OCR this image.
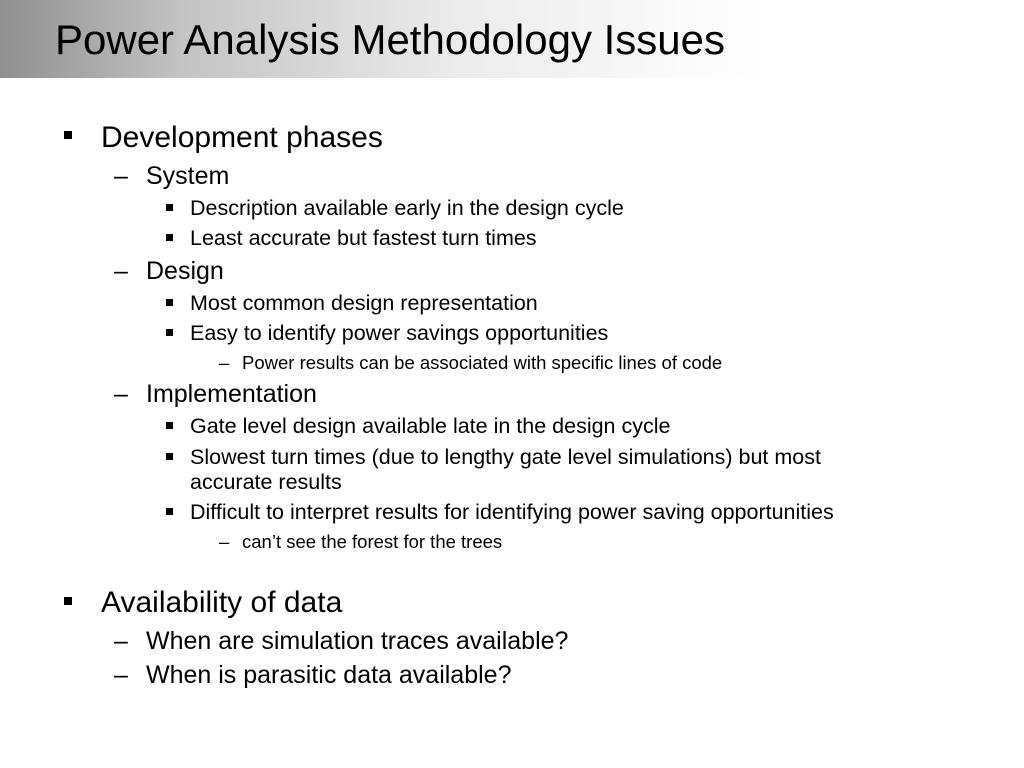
Power Analysis Methodology Issues
Development phases
– System
Description available early in the design cycle
Least accurate but fastest turn times
– Design
Most common design representation
Easy to identify power savings opportunities
– Power results can be associated with specific lines of code
– Implementation
Gate level design available late in the design cycle
Slowest turn times (due to lengthy gate level simulations) but most
accurate results
Difficult to interpret results for identifying power saving opportunities
– can’t see the forest for the trees
Availability of data
– When are simulation traces available?
– When is parasitic data available?
